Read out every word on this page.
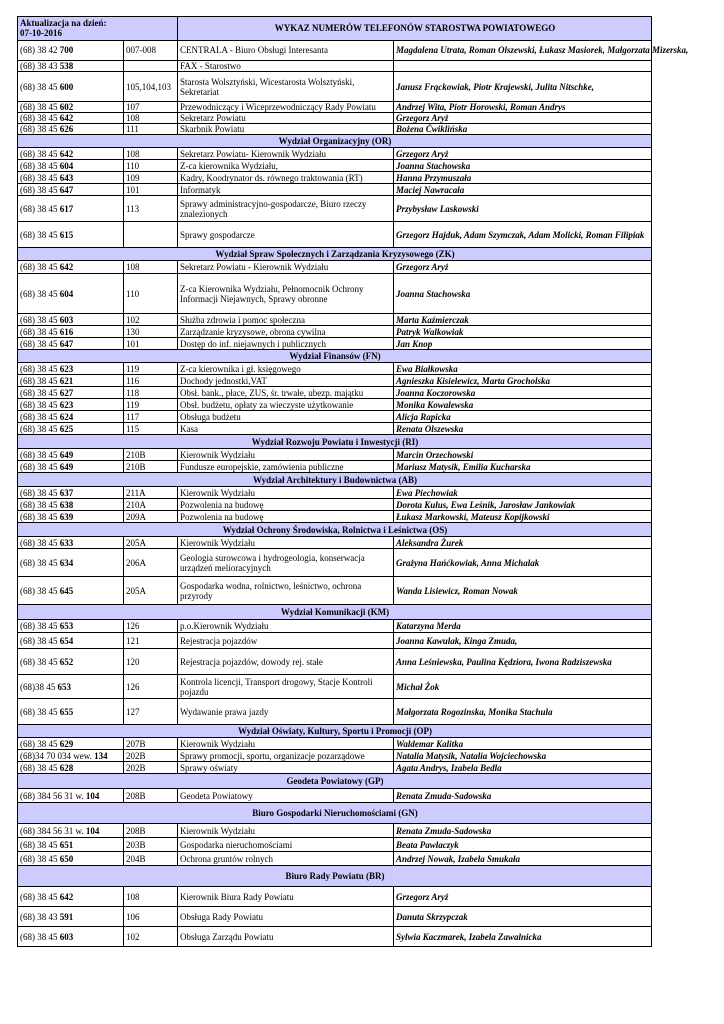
Aktualizacja na dzień:
07-10-2016		WYKAZ NUMERÓW TELEFONÓW STAROSTWA POWIATOWEGO	
(68) 38 42 700	007-008	CENTRALA - Biuro Obsługi Interesanta	Magdalena Utrata, Roman Olszewski, Łukasz Masiorek, Małgorzata Mizerska,
(68) 38 43 538		FAX - Starostwo	
(68) 38 45 600	105,104,103	Starosta Wolsztyński, Wicestarosta Wolsztyński, Sekretariat	Janusz Frąckowiak, Piotr Krajewski, Julita Nitschke,
(68) 38 45 602	107	Przewodniczący i Wiceprzewodniczący Rady Powiatu	Andrzej Wita, Piotr Horowski, Roman Andrys
(68) 38 45 642	108	Sekretarz Powiatu	Grzegorz Aryż
(68) 38 45 626	111	Skarbnik Powiatu	Bożena Ćwiklińska
Wydział Organizacyjny (OR)			
(68) 38 45 642	108	Sekretarz Powiatu- Kierownik Wydziału	Grzegorz Aryż
(68) 38 45 604	110	Z-ca kierownika Wydziału,	Joanna Stachowska
(68) 38 45 643	109	Kadry, Koodrynator ds. równego traktowania (RT)	Hanna Przymuszała
(68) 38 45 647	101	Informatyk	Maciej Nawracała
(68) 38 45 617	113	Sprawy administracyjno-gospodarcze, Biuro rzeczy znalezionych	Przybysław Laskowski
(68) 38 45 615		Sprawy gospodarcze	Grzegorz Hajduk, Adam Szymczak, Adam Molicki, Roman Filipiak
Wydział Spraw Społecznych i Zarządzania Kryzysowego (ZK)			
(68) 38 45 642	108	Sekretarz Powiatu - Kierownik Wydziału	Grzegorz Aryż
(68) 38 45 604	110	Z-ca Kierownika Wydziału, Pełnomocnik Ochrony Informacji Niejawnych, Sprawy obronne	Joanna Stachowska
(68) 38 45 603	102	Służba zdrowia i pomoc społeczna	Marta Kaźmierczak
(68) 38 45 616	130	Zarządzanie kryzysowe, obrona cywilna	Patryk Walkowiak
(68) 38 45 647	101	Dostęp do inf. niejawnych i publicznych	Jan Knop
Wydział Finansów (FN)			
(68) 38 45 623	119	Z-ca kierownika i gł. księgowego	Ewa Białkowska
(68) 38 45 621	116	Dochody jednostki,VAT	Agnieszka Kisielewicz, Marta Grocholska
(68) 38 45 627	118	Obsł. bank., płace, ZUS, śr. trwałe, ubezp. majątku	Joanna Koczorowska
(68) 38 45 623	119	Obsł. budżetu, opłaty za wieczyste użytkowanie	Monika Kowalewska
(68) 38 45 624	117	Obsługa budżetu	Alicja Rapicka
(68) 38 45 625	115	Kasa	Renata Olszewska
Wydział Rozwoju Powiatu i Inwestycji (RI)			
(68) 38 45 649	210B	Kierownik Wydziału	Marcin Orzechowski
(68) 38 45 649	210B	Fundusze europejskie, zamówienia publiczne	Mariusz Matysik, Emilia Kucharska
Wydział Architektury i Budownictwa (AB)			
(68) 38 45 637	211A	Kierownik Wydziału	Ewa Piechowiak
(68) 38 45 638	210A	Pozwolenia na budowę	Dorota Kulus, Ewa Leśnik, Jarosław Jankowiak
(68) 38 45 639	209A	Pozwolenia na budowę	Łukasz Markowski, Mateusz Kopijkowski
Wydział Ochrony Środowiska, Rolnictwa i Leśnictwa (OS)			
(68) 38 45 633	205A	Kierownik Wydziału	Aleksandra Żurek
(68) 38 45 634	206A	Geologia surowcowa i hydrogeologia, konserwacja urządzeń melioracyjnych	Grażyna Hańćkowiak, Anna Michalak
(68) 38 45 645	205A	Gospodarka wodna, rolnictwo, leśnictwo, ochrona przyrody	Wanda Lisiewicz, Roman Nowak
Wydział Komunikacji (KM)			
(68) 38 45 653	126	p.o.Kierownik Wydziału	Katarzyna Merda
(68) 38 45 654	121	Rejestracja pojazdów	Joanna Kawulak, Kinga Zmuda,
(68) 38 45 652	120	Rejestracja pojazdów, dowody rej. stałe	Anna Leśniewska, Paulina Kędziora, Iwona Radziszewska
(68)38 45 653	126	Kontrola licencji, Transport drogowy, Stacje Kontroli pojazdu	Michał Żok
(68) 38 45 655	127	Wydawanie prawa jazdy	Małgorzata Rogozinska, Monika Stachula
Wydział Oświaty, Kultury, Sportu i Promocji (OP)			
(68) 38 45 629	207B	Kierownik Wydziału	Waldemar Kalitka
(68)34 70 034 wew. 134	202B	Sprawy promocji, sportu, organizacje pozarządowe	Natalia Matysik, Natalia Wojciechowska
(68) 38 45 628	202B	Sprawy oświaty	Agata Andrys, Izabela Bedla
Geodeta Powiatowy (GP)			
(68) 384 56 31 w. 104	208B	Geodeta Powiatowy	Renata Zmuda-Sadowska
Biuro Gospodarki Nieruchomościami (GN)			
(68) 384 56 31 w. 104	208B	Kierownik Wydziału	Renata Zmuda-Sadowska
(68) 38 45 651	203B	Gospodarka nieruchomościami	Beata Pawlaczyk
(68) 38 45 650	204B	Ochrona gruntów rolnych	Andrzej Nowak, Izabela Smukała
Biuro Rady Powiatu (BR)			
(68) 38 45 642	108	Kierownik Biura Rady Powiatu	Grzegorz Aryż
(68) 38 43 591	106	Obsługa Rady Powiatu	Danuta Skrzypczak
(68) 38 45 603	102	Obsługa Zarządu Powiatu	Sylwia Kaczmarek, Izabela Zawalnicka
